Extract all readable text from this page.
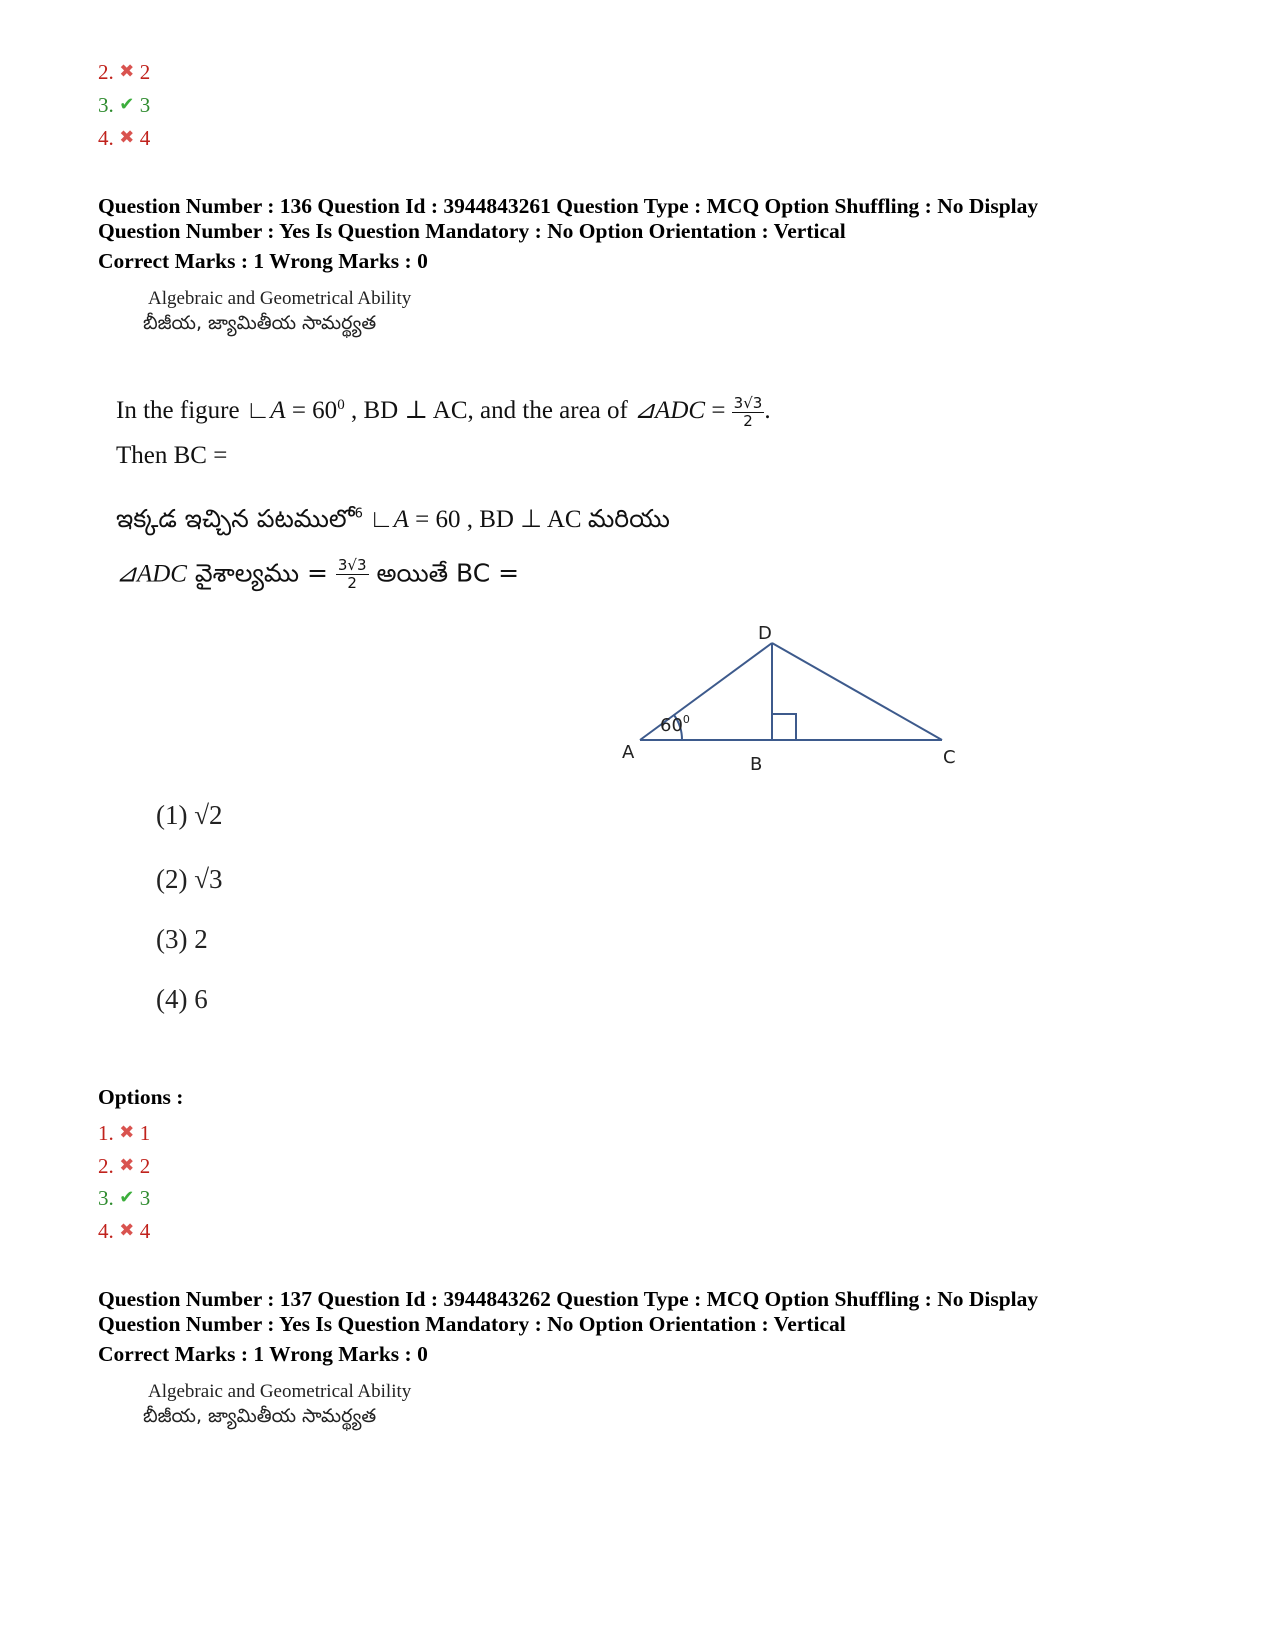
2. ✖ 2
3. ✔ 3
4. ✖ 4
Question Number : 136 Question Id : 3944843261 Question Type : MCQ Option Shuffling : No Display
Question Number : Yes Is Question Mandatory : No Option Orientation : Vertical
Correct Marks : 1 Wrong Marks : 0
Algebraic and Geometrical Ability
బీజీయ, జ్యామితీయ సామర్థ్యత
In the figure ∟A = $60^0$ , BD ⊥ AC, and the area of ⊿ADC = $\frac{3√3}{2}$ .
Then BC =
ఇక్కడ ఇచ్చిన పటములో$^6$ ∟A = 60 , BD ⊥ AC మరియు
⊿ADC వైశాల్యము = $\frac{3√3}{2}$ అయితే BC =
D
A
B	C
$60^0$
(1) √2
(2) √3
(3) 2
(4) 6
Options :
1. ✖ 1
2. ✖ 2
3. ✔ 3
4. ✖ 4
Question Number : 137 Question Id : 3944843262 Question Type : MCQ Option Shuffling : No Display
Question Number : Yes Is Question Mandatory : No Option Orientation : Vertical
Correct Marks : 1 Wrong Marks : 0
Algebraic and Geometrical Ability
బీజీయ, జ్యామితీయ సామర్థ్యత
